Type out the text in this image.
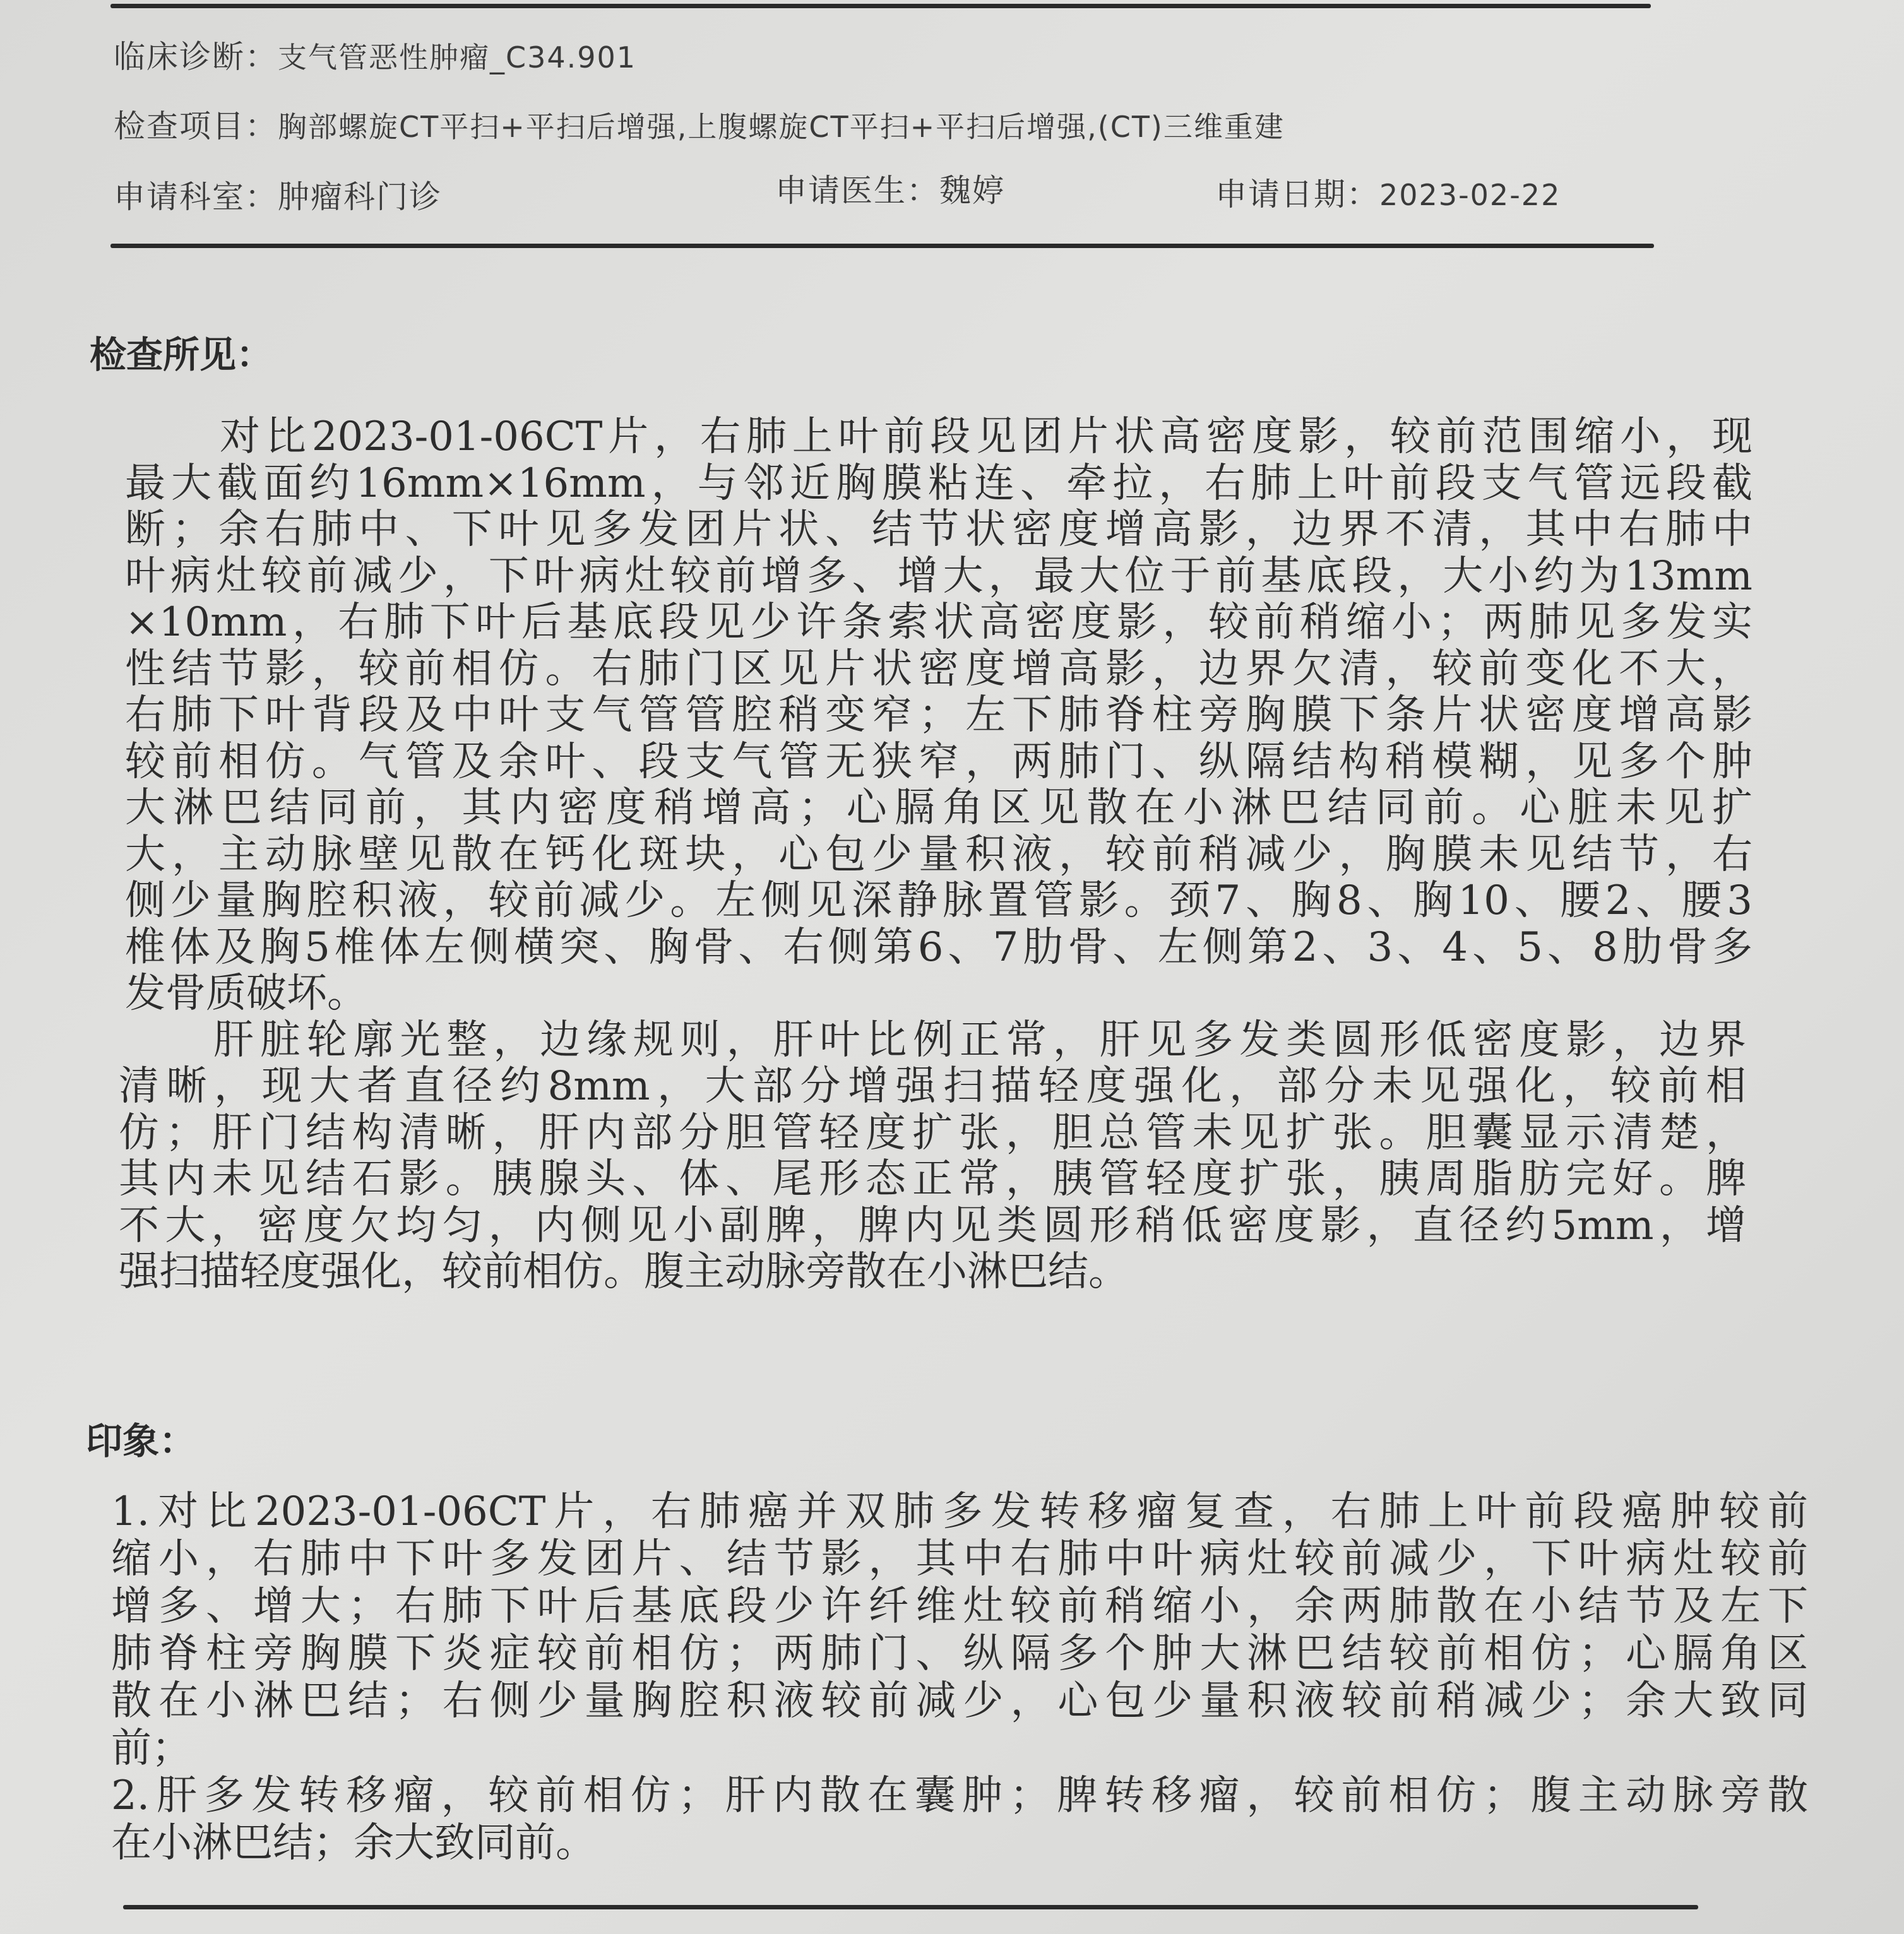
临床诊断：支气管恶性肿瘤_C34.901
检查项目：胸部螺旋CT平扫+平扫后增强,上腹螺旋CT平扫+平扫后增强,(CT)三维重建
申请科室：肿瘤科门诊	申请医生：魏婷	申请日期：2023-02-22
检查所见：
对比2023-01-06CT片，右肺上叶前段见团片状高密度影，较前范围缩小，现
最大截面约16mm×16mm，与邻近胸膜粘连、牵拉，右肺上叶前段支气管远段截
断；余右肺中、下叶见多发团片状、结节状密度增高影，边界不清，其中右肺中
叶病灶较前减少，下叶病灶较前增多、增大，最大位于前基底段，大小约为13mm
×10mm，右肺下叶后基底段见少许条索状高密度影，较前稍缩小；两肺见多发实
性结节影，较前相仿。右肺门区见片状密度增高影，边界欠清，较前变化不大，
右肺下叶背段及中叶支气管管腔稍变窄；左下肺脊柱旁胸膜下条片状密度增高影
较前相仿。气管及余叶、段支气管无狭窄，两肺门、纵隔结构稍模糊，见多个肿
大淋巴结同前，其内密度稍增高；心膈角区见散在小淋巴结同前。心脏未见扩
大，主动脉壁见散在钙化斑块，心包少量积液，较前稍减少，胸膜未见结节，右
侧少量胸腔积液，较前减少。左侧见深静脉置管影。颈7、胸8、胸10、腰2、腰3
椎体及胸5椎体左侧横突、胸骨、右侧第6、7肋骨、左侧第2、3、4、5、8肋骨多
发骨质破坏。
肝脏轮廓光整，边缘规则，肝叶比例正常，肝见多发类圆形低密度影，边界
清晰，现大者直径约8mm，大部分增强扫描轻度强化，部分未见强化，较前相
仿；肝门结构清晰，肝内部分胆管轻度扩张，胆总管未见扩张。胆囊显示清楚，
其内未见结石影。胰腺头、体、尾形态正常，胰管轻度扩张，胰周脂肪完好。脾
不大，密度欠均匀，内侧见小副脾，脾内见类圆形稍低密度影，直径约5mm，增
强扫描轻度强化，较前相仿。腹主动脉旁散在小淋巴结。
印象：
1.对比2023-01-06CT片，右肺癌并双肺多发转移瘤复查，右肺上叶前段癌肿较前
缩小，右肺中下叶多发团片、结节影，其中右肺中叶病灶较前减少，下叶病灶较前
增多、增大；右肺下叶后基底段少许纤维灶较前稍缩小，余两肺散在小结节及左下
肺脊柱旁胸膜下炎症较前相仿；两肺门、纵隔多个肿大淋巴结较前相仿；心膈角区
散在小淋巴结；右侧少量胸腔积液较前减少，心包少量积液较前稍减少；余大致同
前；
2.肝多发转移瘤，较前相仿；肝内散在囊肿；脾转移瘤，较前相仿；腹主动脉旁散
在小淋巴结；余大致同前。
